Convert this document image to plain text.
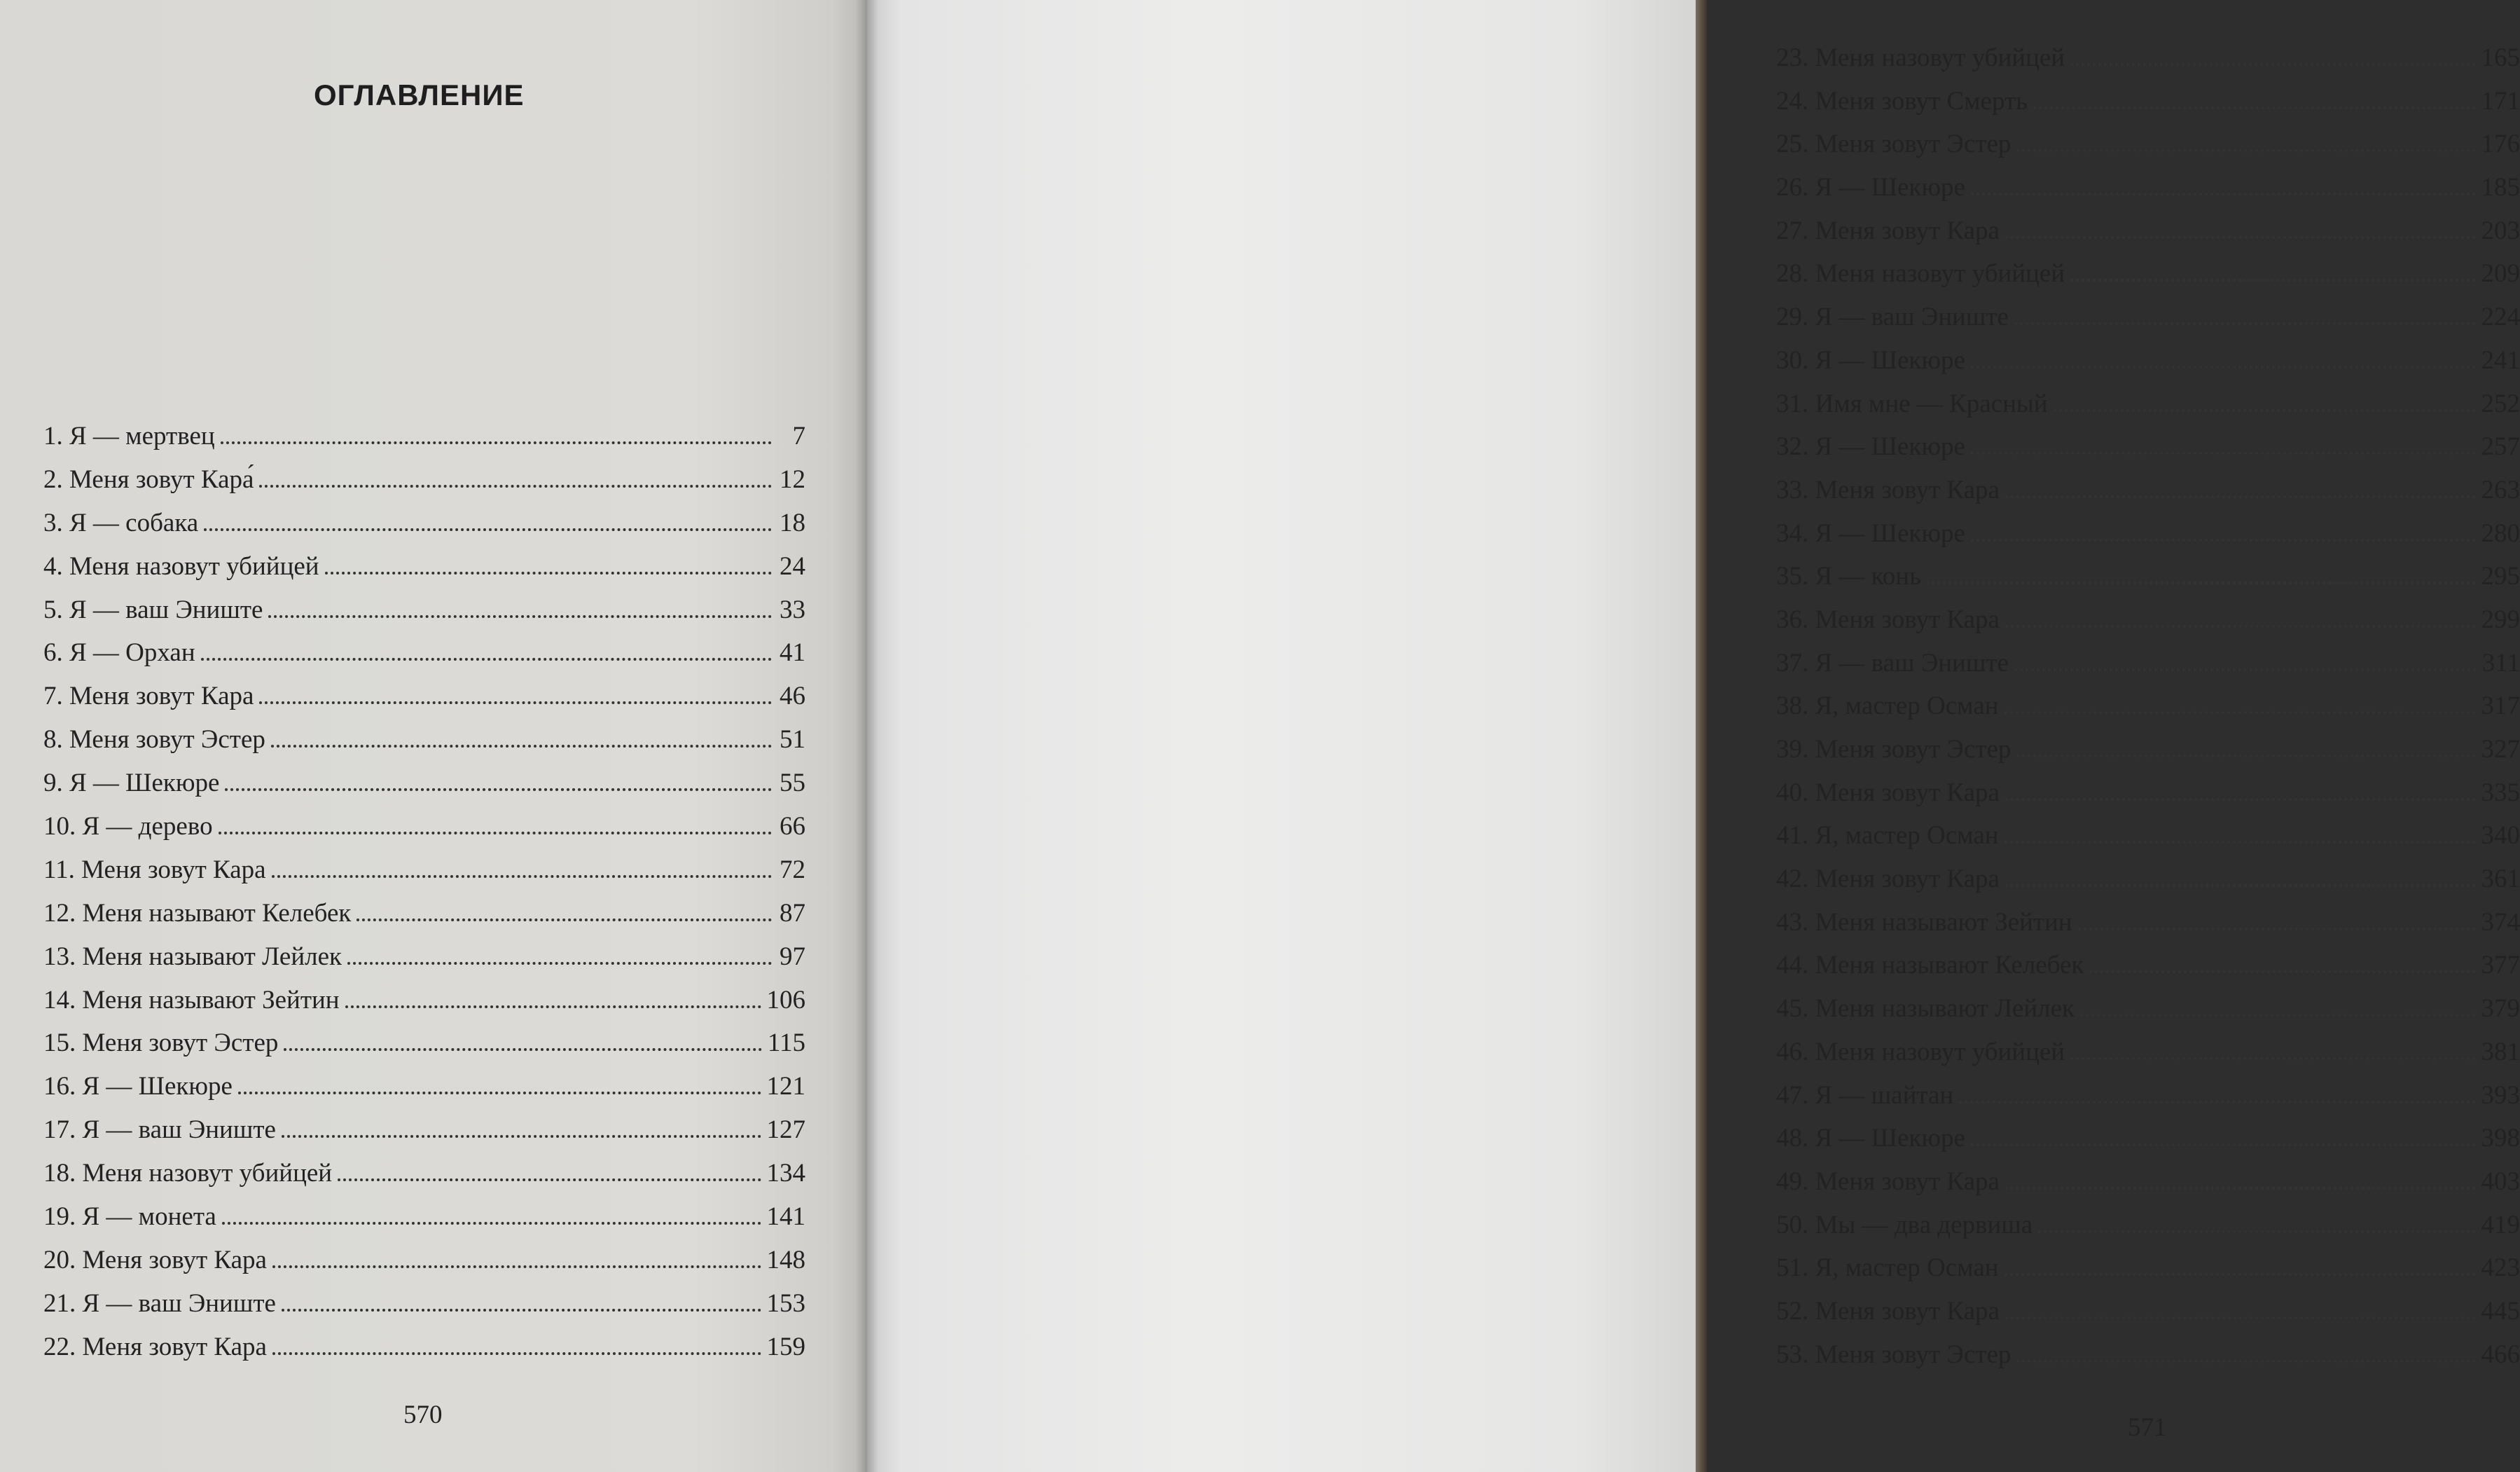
ОГЛАВЛЕНИЕ
1. Я — мертвец	7
2. Меня зовут Кара́	12
3. Я — собака	18
4. Меня назовут убийцей	24
5. Я — ваш Эниште	33
6. Я — Орхан	41
7. Меня зовут Кара	46
8. Меня зовут Эстер	51
9. Я — Шекюре	55
10. Я — дерево	66
11. Меня зовут Кара	72
12. Меня называют Келебек	87
13. Меня называют Лейлек	97
14. Меня называют Зейтин	106
15. Меня зовут Эстер	115
16. Я — Шекюре	121
17. Я — ваш Эниште	127
18. Меня назовут убийцей	134
19. Я — монета	141
20. Меня зовут Кара	148
21. Я — ваш Эниште	153
22. Меня зовут Кара	159
570
23. Меня назовут убийцей	165
24. Меня зовут Смерть	171
25. Меня зовут Эстер	176
26. Я — Шекюре	185
27. Меня зовут Кара	203
28. Меня назовут убийцей	209
29. Я — ваш Эниште	224
30. Я — Шекюре	241
31. Имя мне — Красный	252
32. Я — Шекюре	257
33. Меня зовут Кара	263
34. Я — Шекюре	280
35. Я — конь	295
36. Меня зовут Кара	299
37. Я — ваш Эниште	311
38. Я, мастер Осман	317
39. Меня зовут Эстер	327
40. Меня зовут Кара	335
41. Я, мастер Осман	340
42. Меня зовут Кара	361
43. Меня называют Зейтин	374
44. Меня называют Келебек	377
45. Меня называют Лейлек	379
46. Меня назовут убийцей	381
47. Я — шайтан	393
48. Я — Шекюре	398
49. Меня зовут Кара	403
50. Мы — два дервиша	419
51. Я, мастер Осман	423
52. Меня зовут Кара	445
53. Меня зовут Эстер	466
571
